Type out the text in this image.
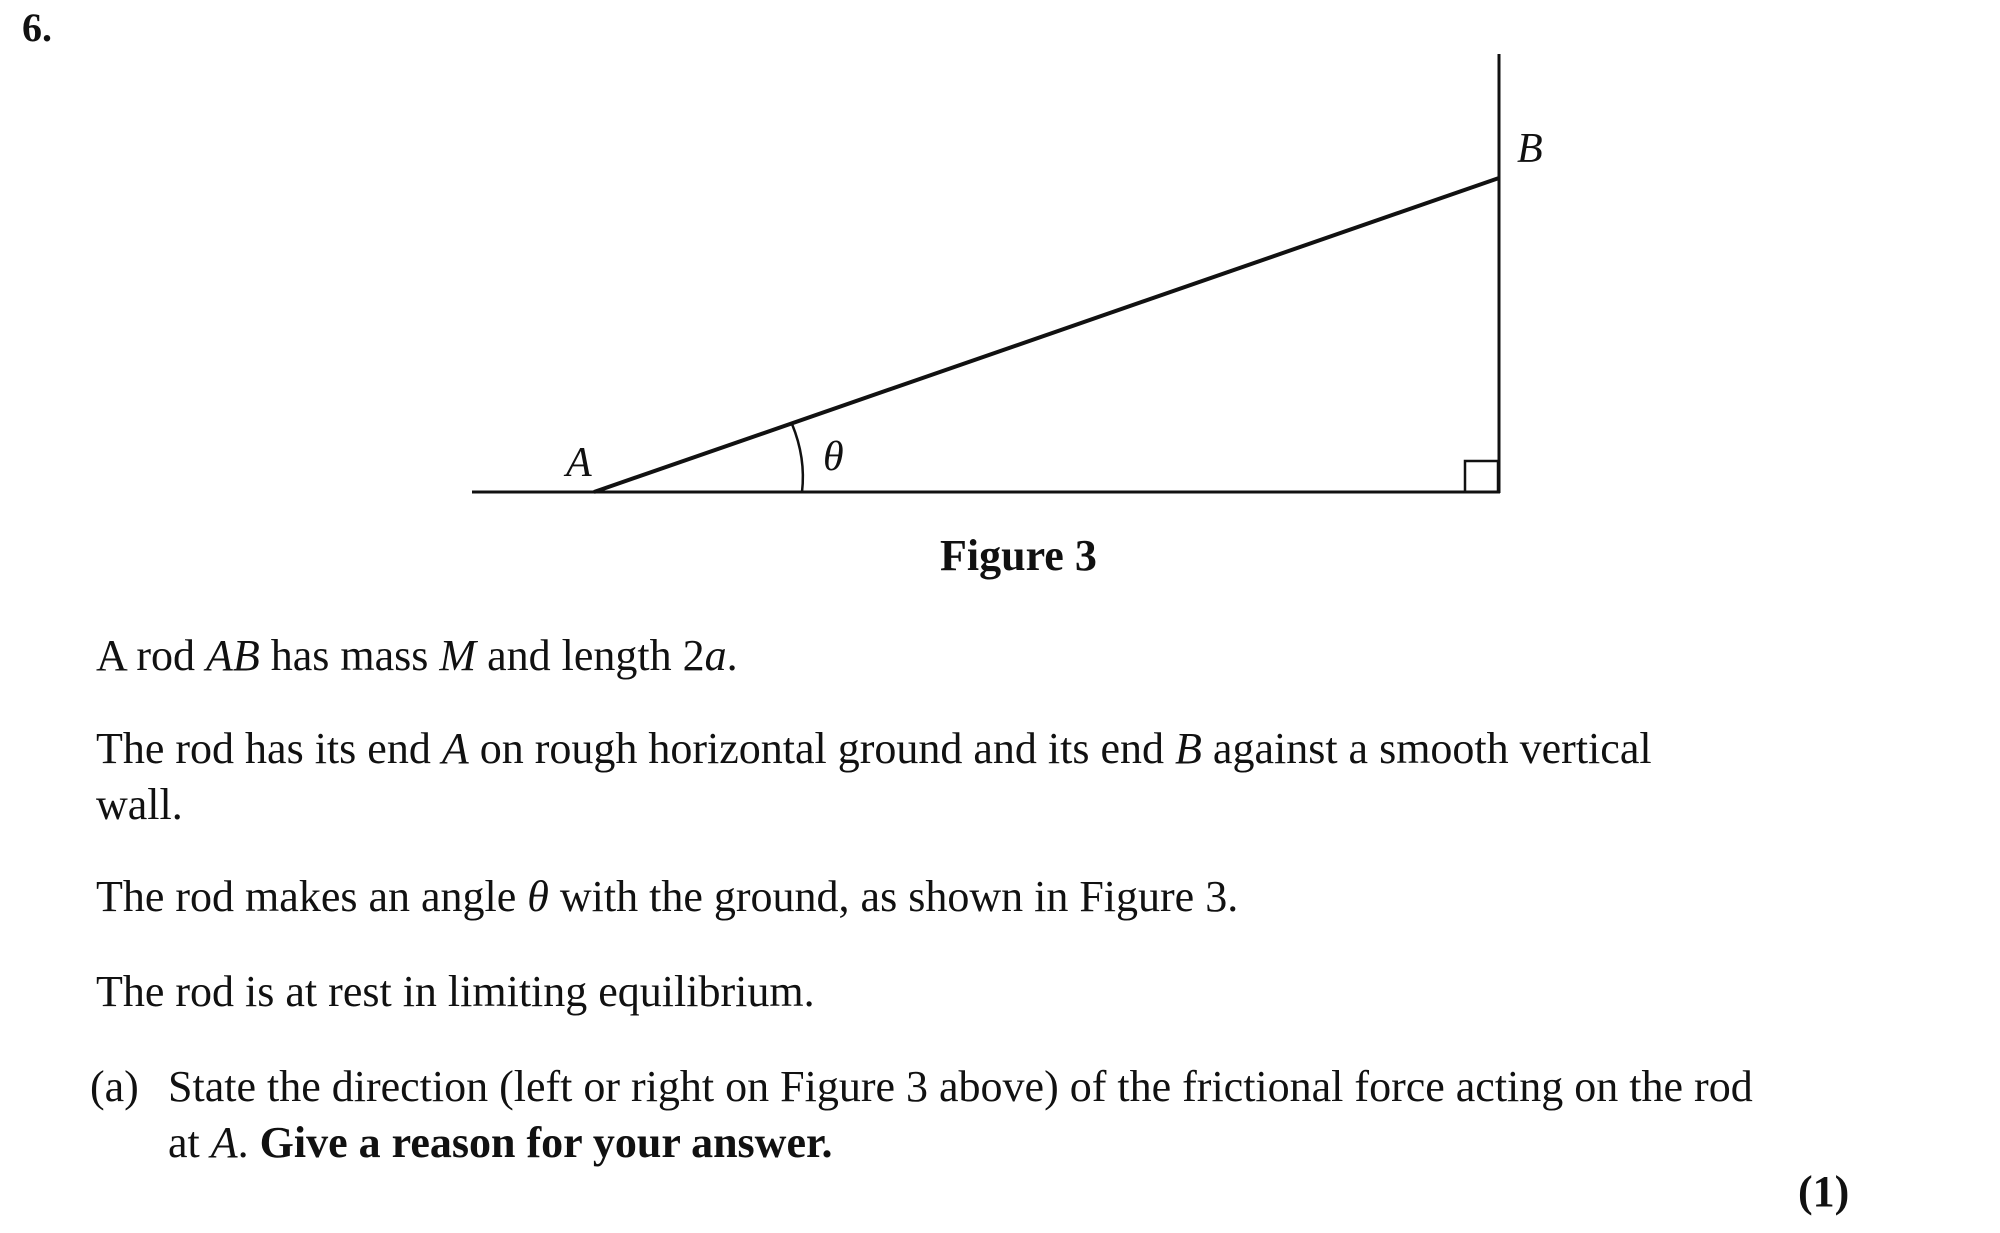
6.
A
B
θ
Figure 3

A rod AB has mass M and length 2a.

The rod has its end A on rough horizontal ground and its end B against a smooth vertical wall.

The rod makes an angle θ with the ground, as shown in Figure 3.

The rod is at rest in limiting equilibrium.

(a) State the direction (left or right on Figure 3 above) of the frictional force acting on the rod at A. Give a reason for your answer.
(1)
